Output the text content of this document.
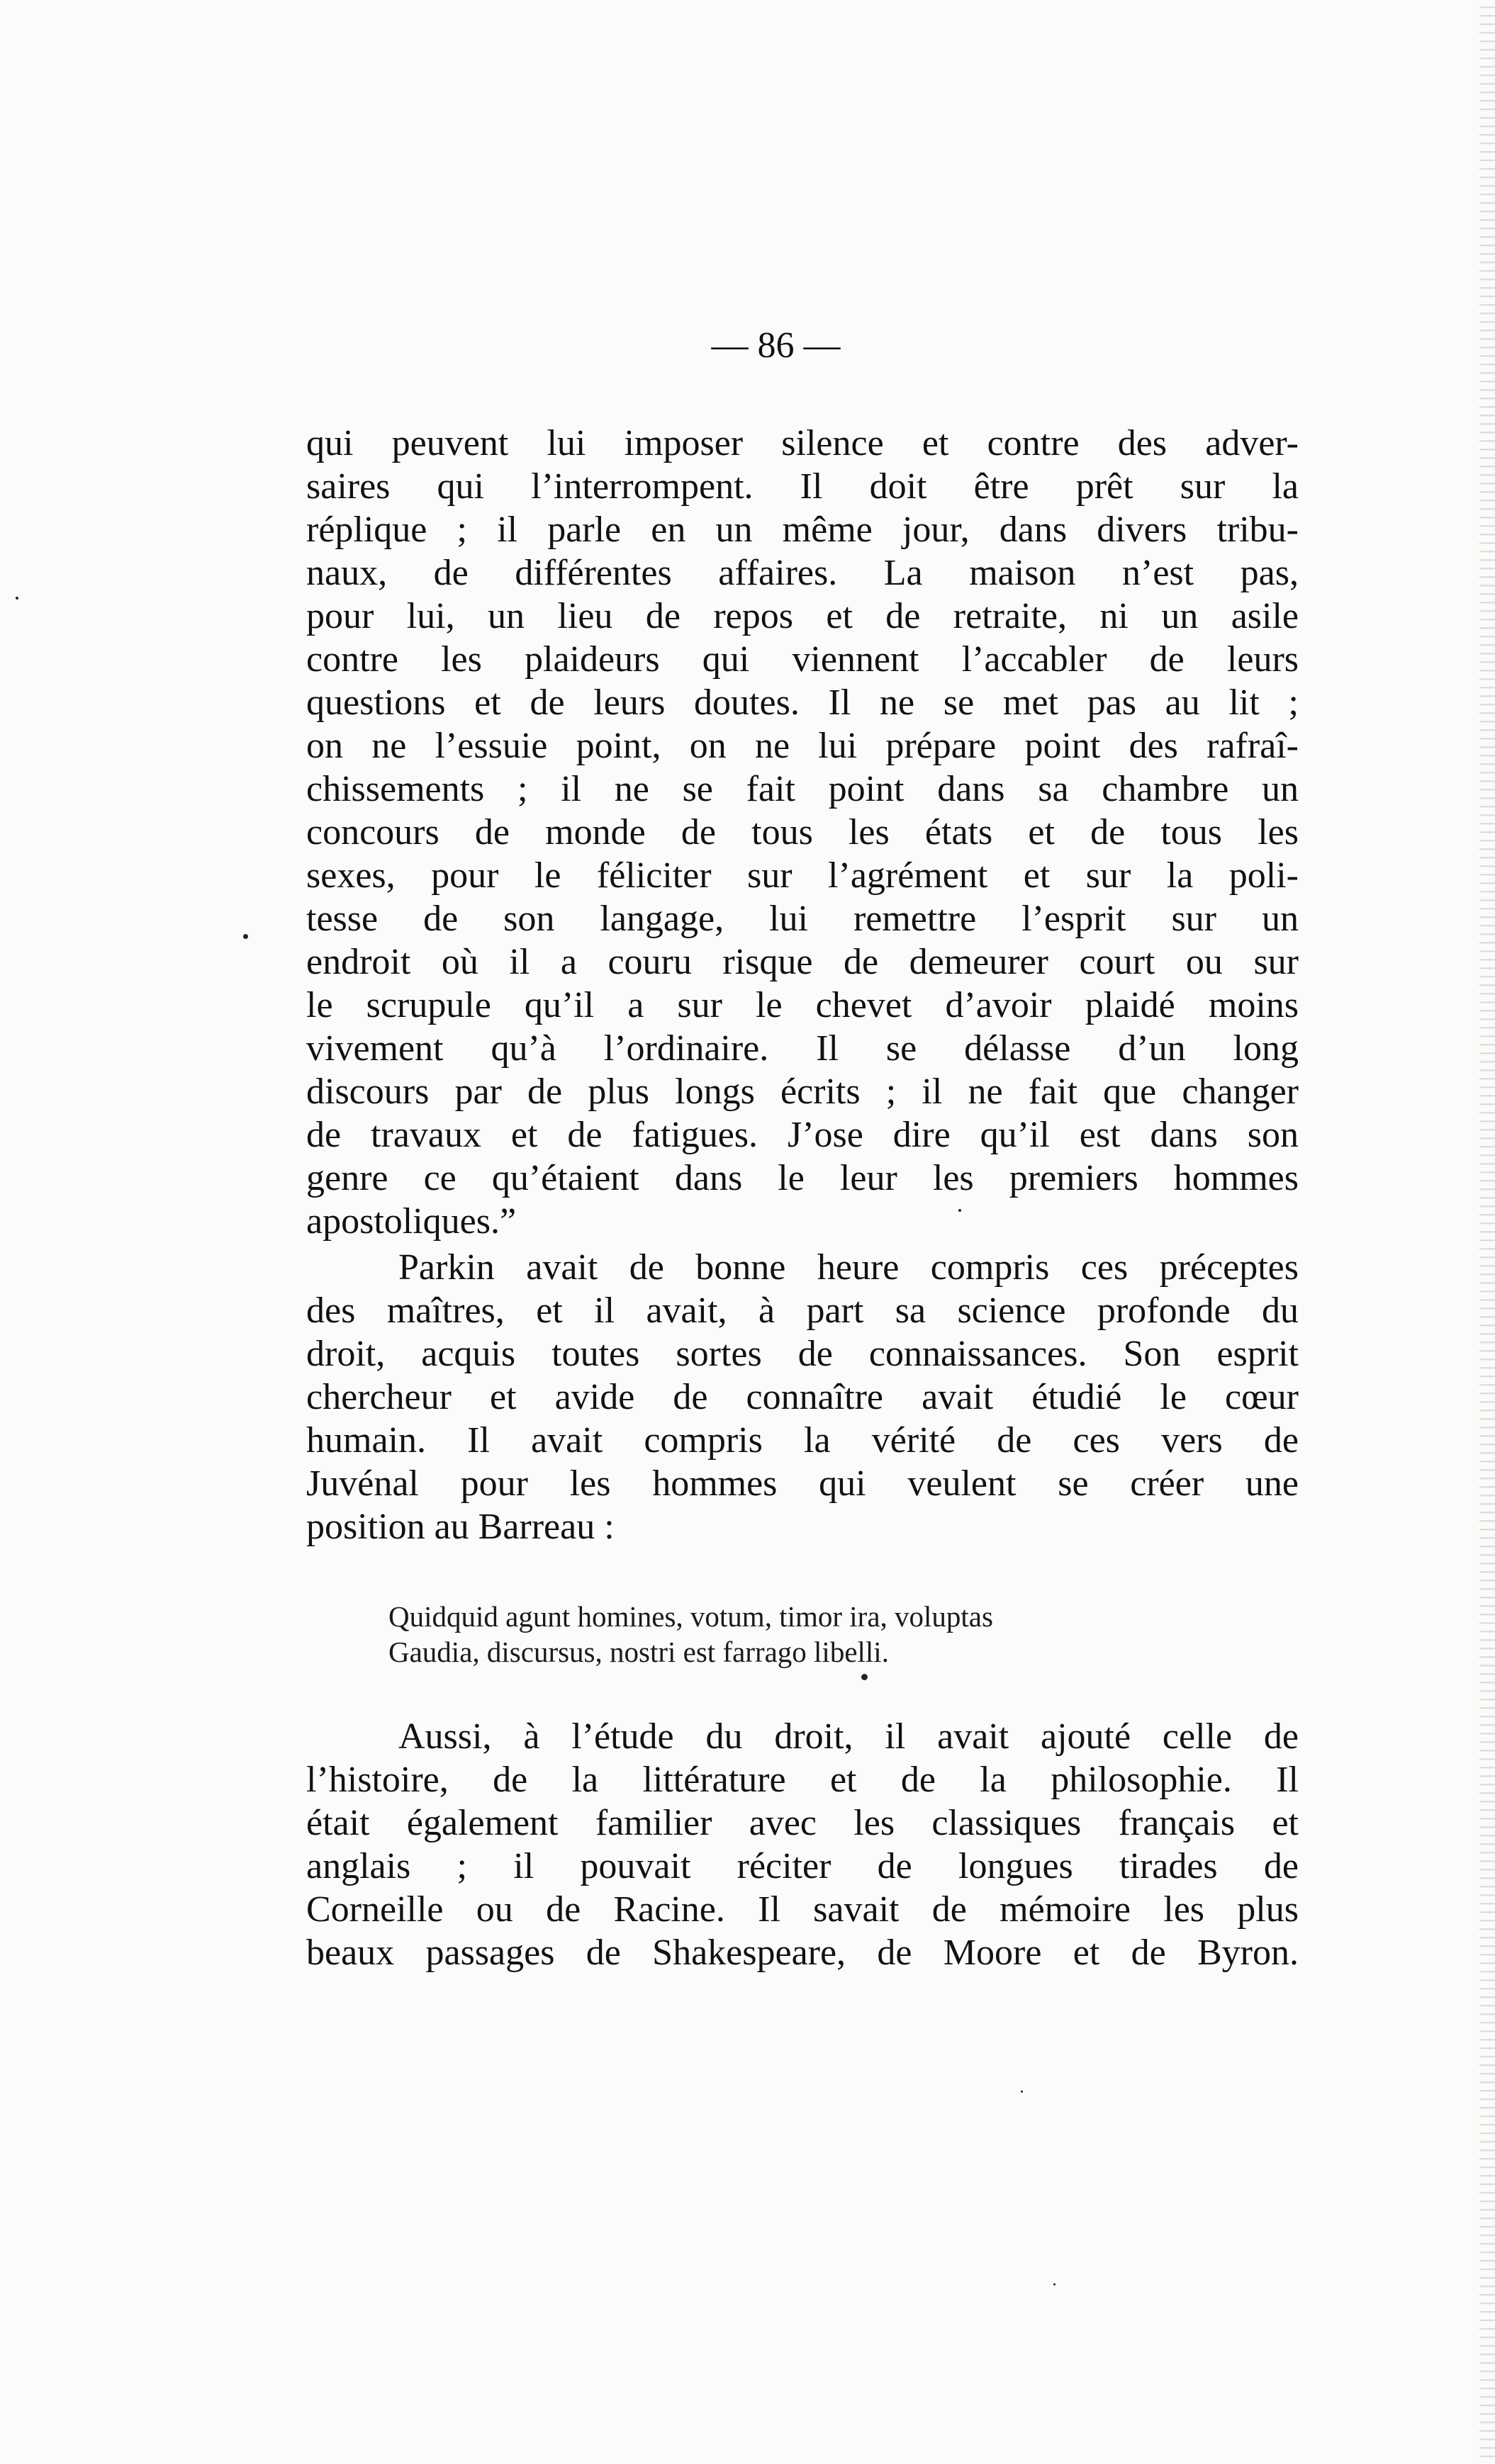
— 86 —
qui peuvent lui imposer silence et contre des adver-
saires qui l’interrompent. Il doit être prêt sur la
réplique ; il parle en un même jour, dans divers tribu-
naux, de différentes affaires. La maison n’est pas,
pour lui, un lieu de repos et de retraite, ni un asile
contre les plaideurs qui viennent l’accabler de leurs
questions et de leurs doutes. Il ne se met pas au lit ;
on ne l’essuie point, on ne lui prépare point des rafraî-
chissements ; il ne se fait point dans sa chambre un
concours de monde de tous les états et de tous les
sexes, pour le féliciter sur l’agrément et sur la poli-
tesse de son langage, lui remettre l’esprit sur un
endroit où il a couru risque de demeurer court ou sur
le scrupule qu’il a sur le chevet d’avoir plaidé moins
vivement qu’à l’ordinaire. Il se délasse d’un long
discours par de plus longs écrits ; il ne fait que changer
de travaux et de fatigues. J’ose dire qu’il est dans son
genre ce qu’étaient dans le leur les premiers hommes
apostoliques.”
Parkin avait de bonne heure compris ces préceptes
des maîtres, et il avait, à part sa science profonde du
droit, acquis toutes sortes de connaissances. Son esprit
chercheur et avide de connaître avait étudié le cœur
humain. Il avait compris la vérité de ces vers de
Juvénal pour les hommes qui veulent se créer une
position au Barreau :
Quidquid agunt homines, votum, timor ira, voluptas
Gaudia, discursus, nostri est farrago libelli.
Aussi, à l’étude du droit, il avait ajouté celle de
l’histoire, de la littérature et de la philosophie. Il
était également familier avec les classiques français et
anglais ; il pouvait réciter de longues tirades de
Corneille ou de Racine. Il savait de mémoire les plus
beaux passages de Shakespeare, de Moore et de Byron.
